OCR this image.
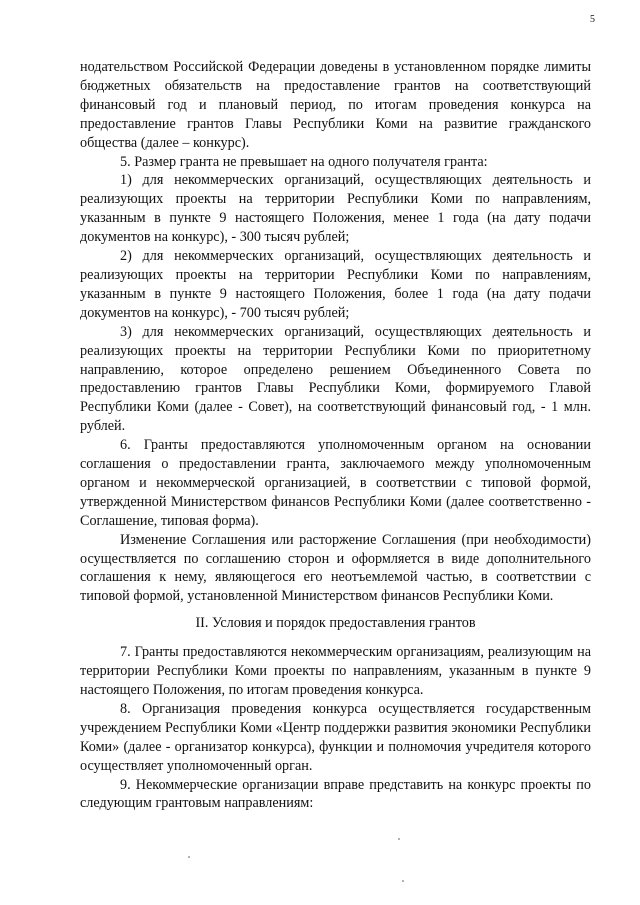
5

нодательством Российской Федерации доведены в установленном порядке лимиты бюджетных обязательств на предоставление грантов на соответствующий финансовый год и плановый период, по итогам проведения конкурса на предоставление грантов Главы Республики Коми на развитие гражданского общества (далее – конкурс).

5. Размер гранта не превышает на одного получателя гранта:

1) для некоммерческих организаций, осуществляющих деятельность и реализующих проекты на территории Республики Коми по направлениям, указанным в пункте 9 настоящего Положения, менее 1 года (на дату подачи документов на конкурс), - 300 тысяч рублей;

2) для некоммерческих организаций, осуществляющих деятельность и реализующих проекты на территории Республики Коми по направлениям, указанным в пункте 9 настоящего Положения, более 1 года (на дату подачи документов на конкурс), - 700 тысяч рублей;

3) для некоммерческих организаций, осуществляющих деятельность и реализующих проекты на территории Республики Коми по приоритетному направлению, которое определено решением Объединенного Совета по предоставлению грантов Главы Республики Коми, формируемого Главой Республики Коми (далее - Совет), на соответствующий финансовый год, - 1 млн. рублей.

6. Гранты предоставляются уполномоченным органом на основании соглашения о предоставлении гранта, заключаемого между уполномоченным органом и некоммерческой организацией, в соответствии с типовой формой, утвержденной Министерством финансов Республики Коми (далее соответственно - Соглашение, типовая форма).

Изменение Соглашения или расторжение Соглашения (при необходимости) осуществляется по соглашению сторон и оформляется в виде дополнительного соглашения к нему, являющегося его неотъемлемой частью, в соответствии с типовой формой, установленной Министерством финансов Республики Коми.

II. Условия и порядок предоставления грантов

7. Гранты предоставляются некоммерческим организациям, реализующим на территории Республики Коми проекты по направлениям, указанным в пункте 9 настоящего Положения, по итогам проведения конкурса.

8. Организация проведения конкурса осуществляется государственным учреждением Республики Коми «Центр поддержки развития экономики Республики Коми» (далее - организатор конкурса), функции и полномочия учредителя которого осуществляет уполномоченный орган.

9. Некоммерческие организации вправе представить на конкурс проекты по следующим грантовым направлениям:
